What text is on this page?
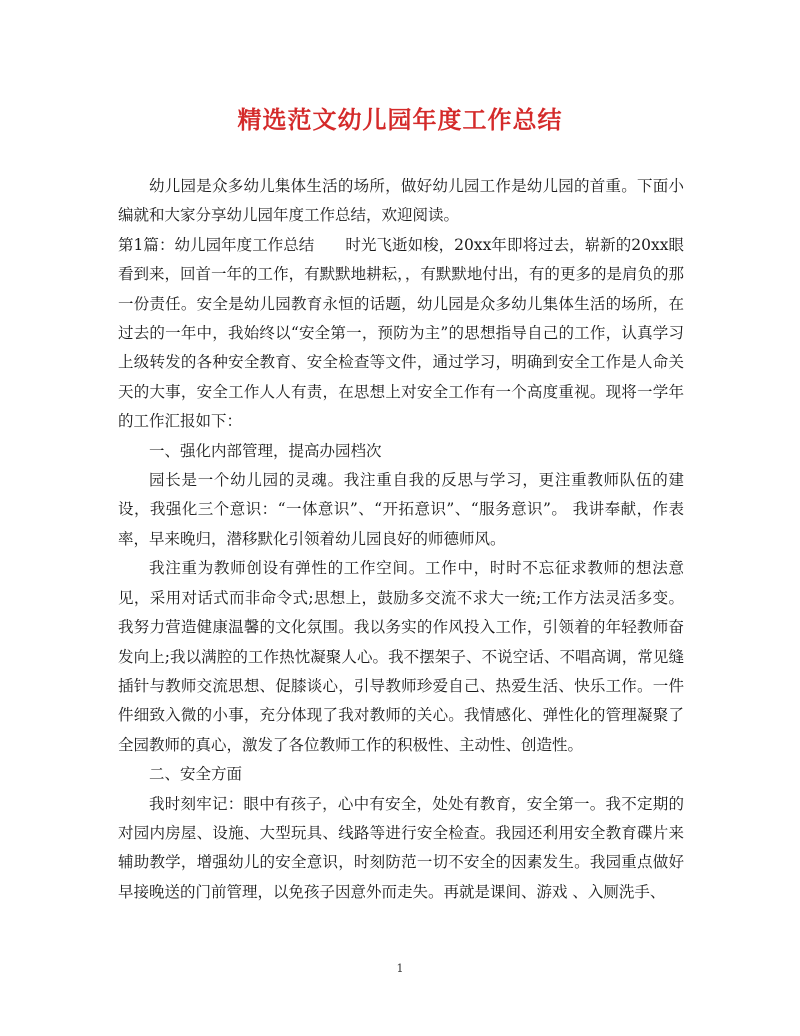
精选范文幼儿园年度工作总结

幼儿园是众多幼儿集体生活的场所，做好幼儿园工作是幼儿园的首重。下面小编就和大家分享幼儿园年度工作总结，欢迎阅读。

第1篇：幼儿园年度工作总结　　时光飞逝如梭，20xx年即将过去，崭新的20xx眼看到来，回首一年的工作，有默默地耕耘，，有默默地付出，有的更多的是肩负的那一份责任。安全是幼儿园教育永恒的话题，幼儿园是众多幼儿集体生活的场所，在过去的一年中，我始终以“安全第一，预防为主”的思想指导自己的工作，认真学习上级转发的各种安全教育、安全检查等文件，通过学习，明确到安全工作是人命关天的大事，安全工作人人有责，在思想上对安全工作有一个高度重视。现将一学年的工作汇报如下：

一、强化内部管理，提高办园档次

园长是一个幼儿园的灵魂。我注重自我的反思与学习，更注重教师队伍的建设，我强化三个意识：“一体意识”、“开拓意识”、“服务意识”。 我讲奉献，作表率，早来晚归，潜移默化引领着幼儿园良好的师德师风。

我注重为教师创设有弹性的工作空间。工作中，时时不忘征求教师的想法意见，采用对话式而非命令式;思想上，鼓励多交流不求大一统;工作方法灵活多变。我努力营造健康温馨的文化氛围。我以务实的作风投入工作，引领着的年轻教师奋发向上;我以满腔的工作热忱凝聚人心。我不摆架子、不说空话、不唱高调，常见缝插针与教师交流思想、促膝谈心，引导教师珍爱自己、热爱生活、快乐工作。一件件细致入微的小事，充分体现了我对教师的关心。我情感化、弹性化的管理凝聚了全园教师的真心，激发了各位教师工作的积极性、主动性、创造性。

二、安全方面

我时刻牢记：眼中有孩子，心中有安全，处处有教育，安全第一。我不定期的对园内房屋、设施、大型玩具、线路等进行安全检查。我园还利用安全教育碟片来辅助教学，增强幼儿的安全意识，时刻防范一切不安全的因素发生。我园重点做好早接晚送的门前管理，以免孩子因意外而走失。再就是课间、游戏 、入厕洗手、

1
